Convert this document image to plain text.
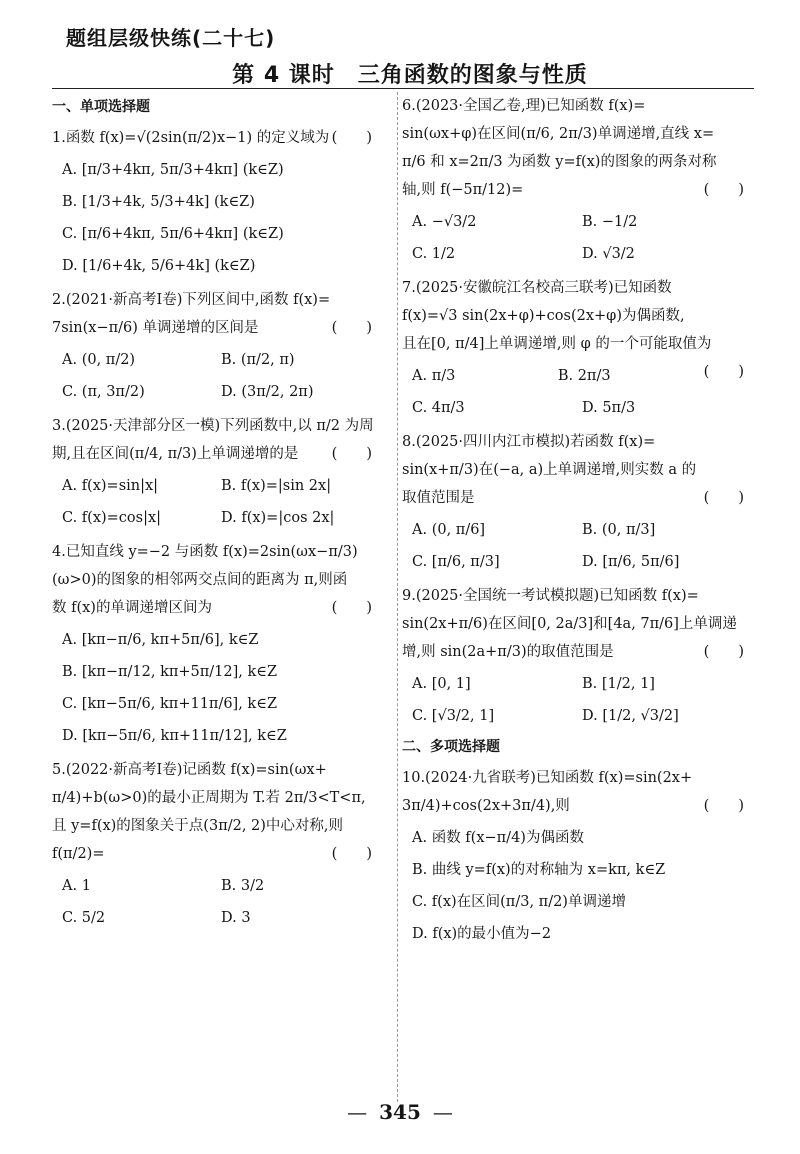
题组层级快练(二十七)
第 4 课时　三角函数的图象与性质
一、单项选择题
1.函数 f(x)=√(2sin(π/2)x−1) 的定义域为 (　　)
A. [π/3+4kπ, 5π/3+4kπ] (k∈Z)
B. [1/3+4k, 5/3+4k] (k∈Z)
C. [π/6+4kπ, 5π/6+4kπ] (k∈Z)
D. [1/6+4k, 5/6+4k] (k∈Z)
2.(2021·新高考Ⅰ卷)下列区间中,函数 f(x)=
7sin(x−π/6) 单调递增的区间是	(　　)
A. (0, π/2)	B. (π/2, π)
C. (π, 3π/2)	D. (3π/2, 2π)
3.(2025·天津部分区一模)下列函数中,以 π/2 为周
期,且在区间(π/4, π/3)上单调递增的是 (　　)
A. f(x)=sin|x|	B. f(x)=|sin 2x|
C. f(x)=cos|x|	D. f(x)=|cos 2x|
4.已知直线 y=−2 与函数 f(x)=2sin(ωx−π/3)
(ω>0)的图象的相邻两交点间的距离为 π,则函
数 f(x)的单调递增区间为	(　　)
A. [kπ−π/6, kπ+5π/6], k∈Z
B. [kπ−π/12, kπ+5π/12], k∈Z
C. [kπ−5π/6, kπ+11π/6], k∈Z
D. [kπ−5π/6, kπ+11π/12], k∈Z
5.(2022·新高考Ⅰ卷)记函数 f(x)=sin(ωx+
π/4)+b(ω>0)的最小正周期为 T.若 2π/3<T<π,
且 y=f(x)的图象关于点(3π/2, 2)中心对称,则
f(π/2)=	(　　)
A. 1	B. 3/2
C. 5/2	D. 3
6.(2023·全国乙卷,理)已知函数 f(x)=
sin(ωx+φ)在区间(π/6, 2π/3)单调递增,直线 x=
π/6 和 x=2π/3 为函数 y=f(x)的图象的两条对称
轴,则 f(−5π/12)=	(　　)
A. −√3/2	B. −1/2
C. 1/2	D. √3/2
7.(2025·安徽皖江名校高三联考)已知函数
f(x)=√3 sin(2x+φ)+cos(2x+φ)为偶函数,
且在[0, π/4]上单调递增,则 φ 的一个可能取值为
(　　)
A. π/3	B. 2π/3
C. 4π/3	D. 5π/3
8.(2025·四川内江市模拟)若函数 f(x)=
sin(x+π/3)在(−a, a)上单调递增,则实数 a 的
取值范围是	(　　)
A. (0, π/6]	B. (0, π/3]
C. [π/6, π/3]	D. [π/6, 5π/6]
9.(2025·全国统一考试模拟题)已知函数 f(x)=
sin(2x+π/6)在区间[0, 2a/3]和[4a, 7π/6]上单调递
增,则 sin(2a+π/3)的取值范围是	(　　)
A. [0, 1]	B. [1/2, 1]
C. [√3/2, 1]	D. [1/2, √3/2]
二、多项选择题
10.(2024·九省联考)已知函数 f(x)=sin(2x+
3π/4)+cos(2x+3π/4),则	(　　)
A. 函数 f(x−π/4)为偶函数
B. 曲线 y=f(x)的对称轴为 x=kπ, k∈Z
C. f(x)在区间(π/3, π/2)单调递增
D. f(x)的最小值为−2
— 345 —
